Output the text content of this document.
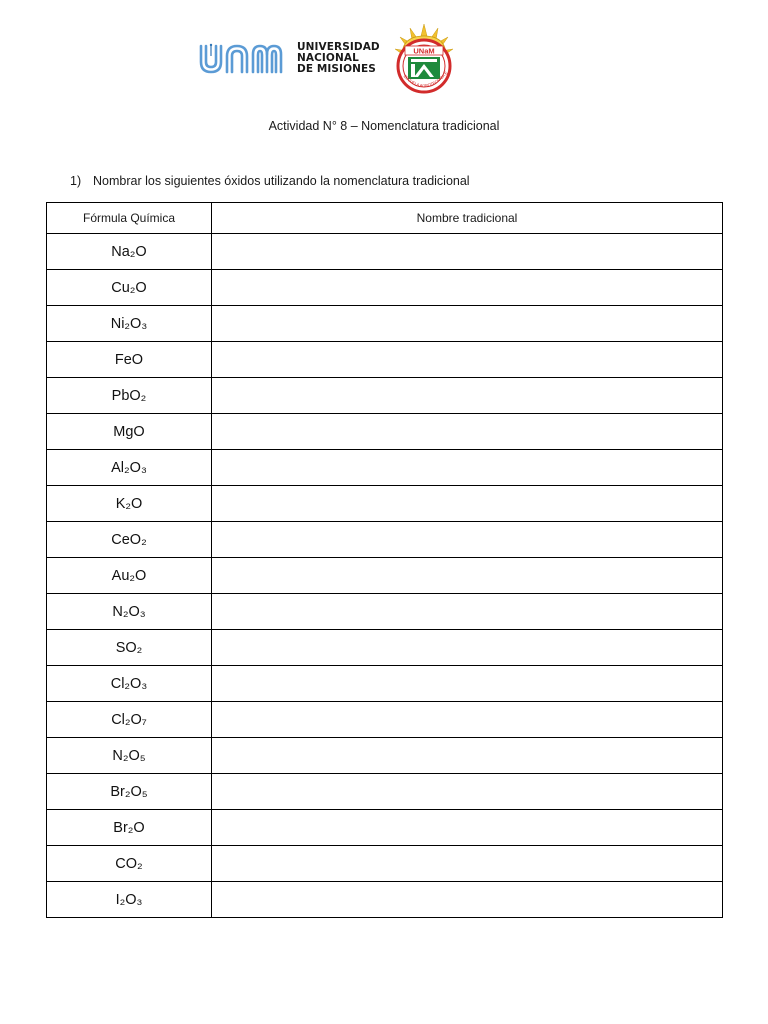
UNIVERSIDAD
NACIONAL
DE MISIONES
UNaM
ESCUELA AGROTECNICA E
Actividad N° 8 – Nomenclatura tradicional
1) Nombrar los siguientes óxidos utilizando la nomenclatura tradicional
Fórmula Química	Nombre tradicional
Na₂O	
Cu₂O	
Ni₂O₃	
FeO	
PbO₂	
MgO	
Al₂O₃	
K₂O	
CeO₂	
Au₂O	
N₂O₃	
SO₂	
Cl₂O₃	
Cl₂O₇	
N₂O₅	
Br₂O₅	
Br₂O	
CO₂	
I₂O₃	
